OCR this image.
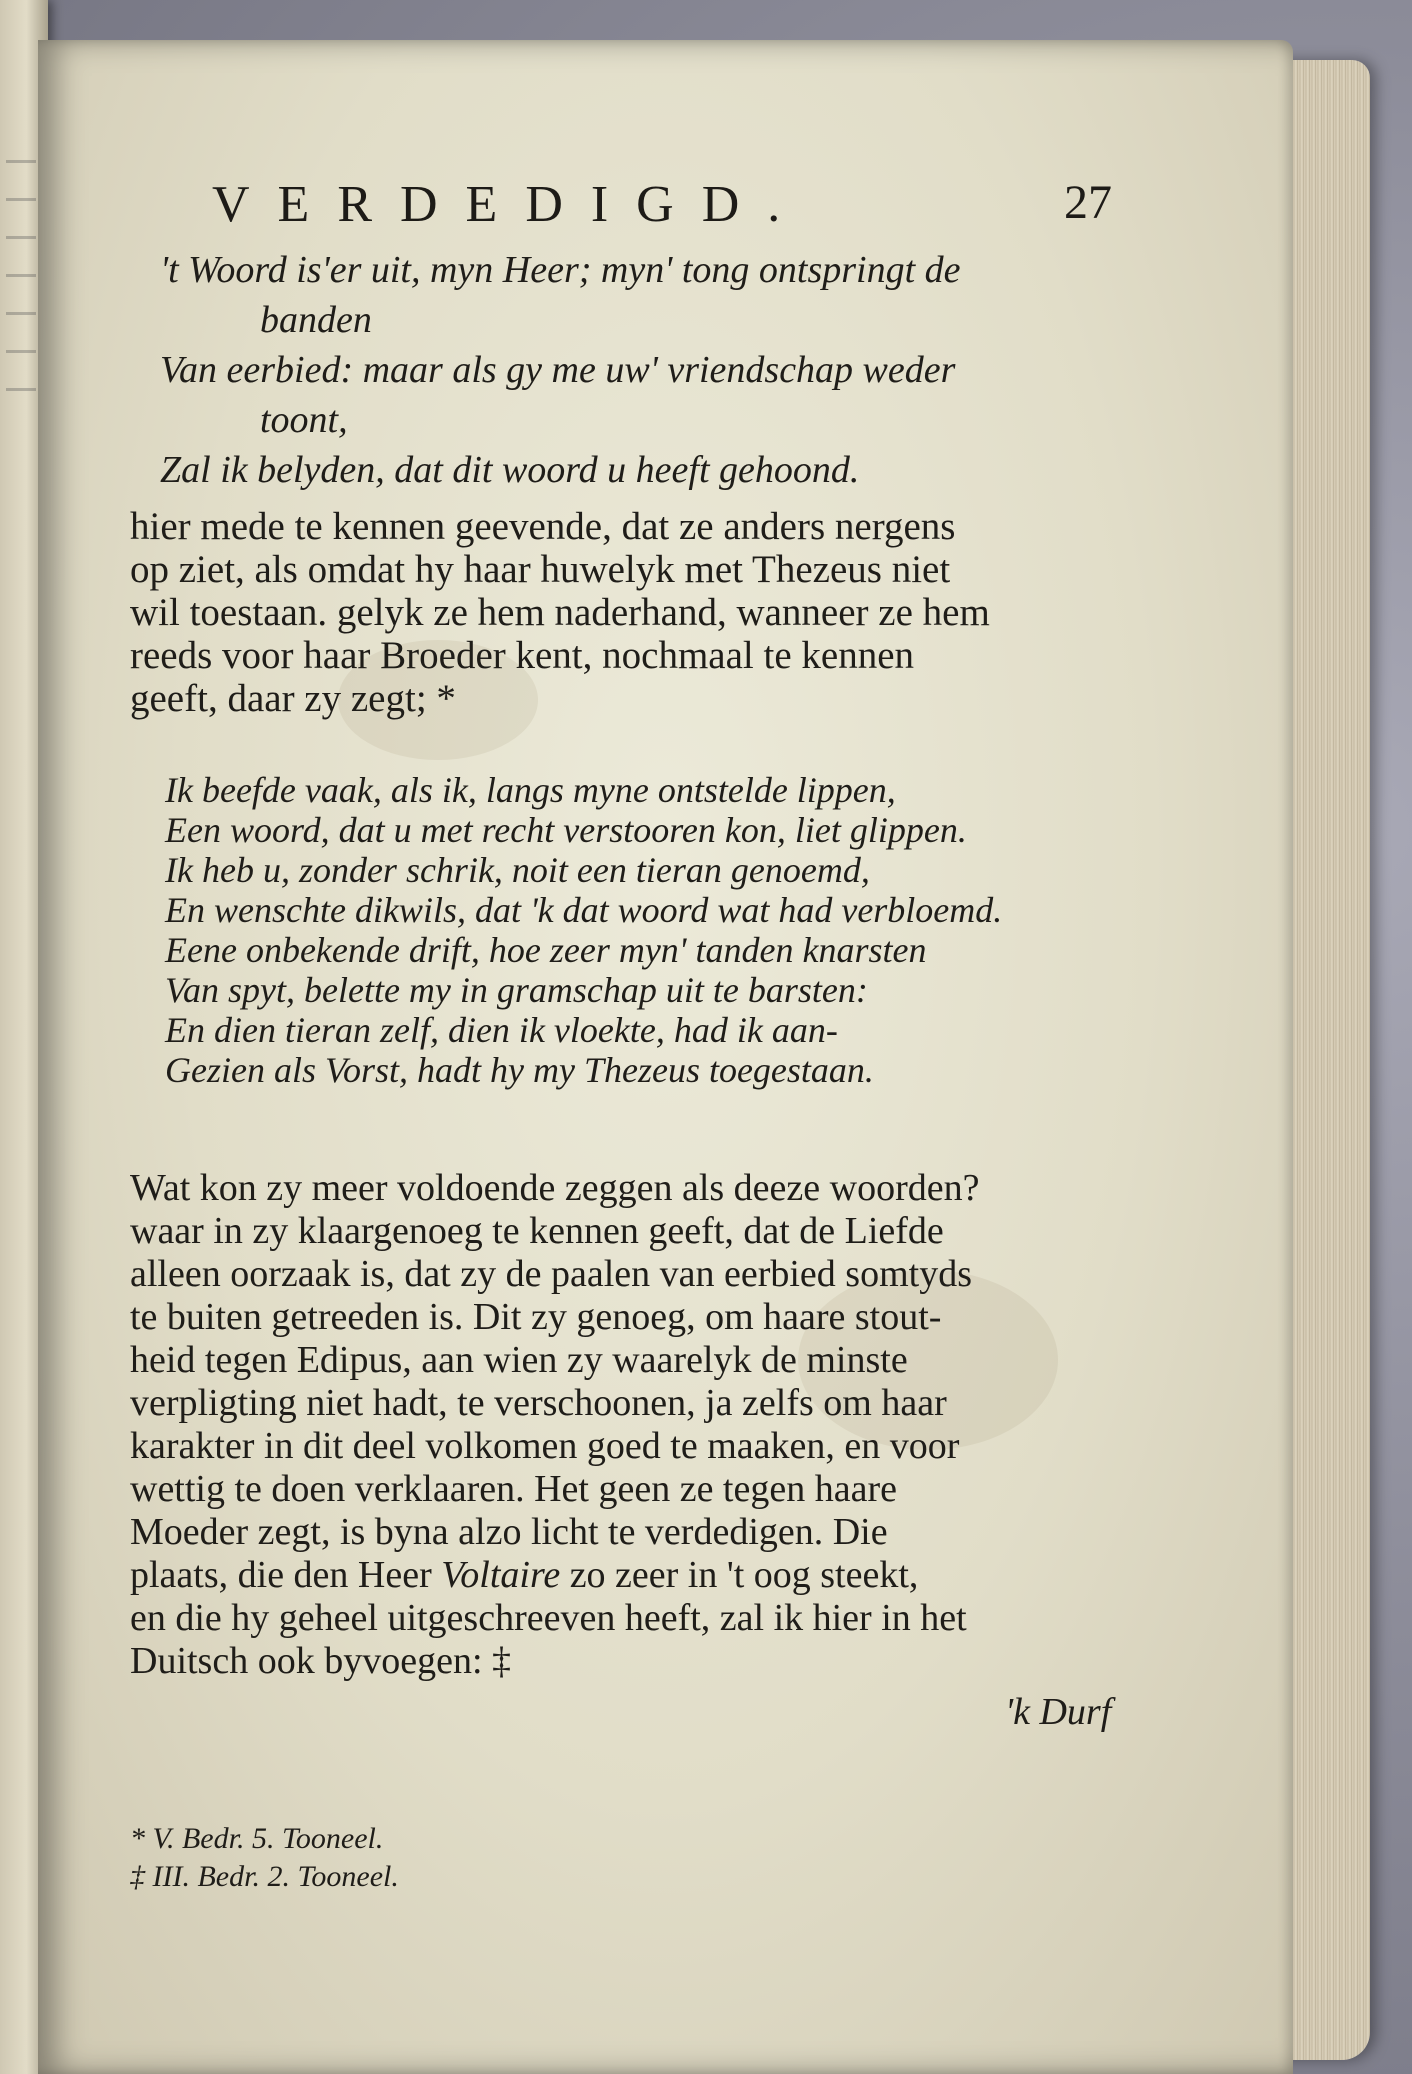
VERDEDIGD.	27
't Woord is'er uit, myn Heer; myn' tong ontspringt de
banden
Van eerbied: maar als gy me uw' vriendschap weder
toont,
Zal ik belyden, dat dit woord u heeft gehoond.
hier mede te kennen geevende, dat ze anders nergens
op ziet, als omdat hy haar huwelyk met Thezeus niet
wil toestaan. gelyk ze hem naderhand, wanneer ze hem
reeds voor haar Broeder kent, nochmaal te kennen
geeft, daar zy zegt; *
Ik beefde vaak, als ik, langs myne ontstelde lippen,
Een woord, dat u met recht verstooren kon, liet glippen.
Ik heb u, zonder schrik, noit een tieran genoemd,
En wenschte dikwils, dat 'k dat woord wat had verbloemd.
Eene onbekende drift, hoe zeer myn' tanden knarsten
Van spyt, belette my in gramschap uit te barsten:
En dien tieran zelf, dien ik vloekte, had ik aan-
Gezien als Vorst, hadt hy my Thezeus toegestaan.
Wat kon zy meer voldoende zeggen als deeze woorden?
waar in zy klaargenoeg te kennen geeft, dat de Liefde
alleen oorzaak is, dat zy de paalen van eerbied somtyds
te buiten getreeden is. Dit zy genoeg, om haare stout-
heid tegen Edipus, aan wien zy waarelyk de minste
verpligting niet hadt, te verschoonen, ja zelfs om haar
karakter in dit deel volkomen goed te maaken, en voor
wettig te doen verklaaren. Het geen ze tegen haare
Moeder zegt, is byna alzo licht te verdedigen. Die
plaats, die den Heer Voltaire zo zeer in 't oog steekt,
en die hy geheel uitgeschreeven heeft, zal ik hier in het
Duitsch ook byvoegen: ‡
'k Durf
* V. Bedr. 5. Tooneel.
‡ III. Bedr. 2. Tooneel.
